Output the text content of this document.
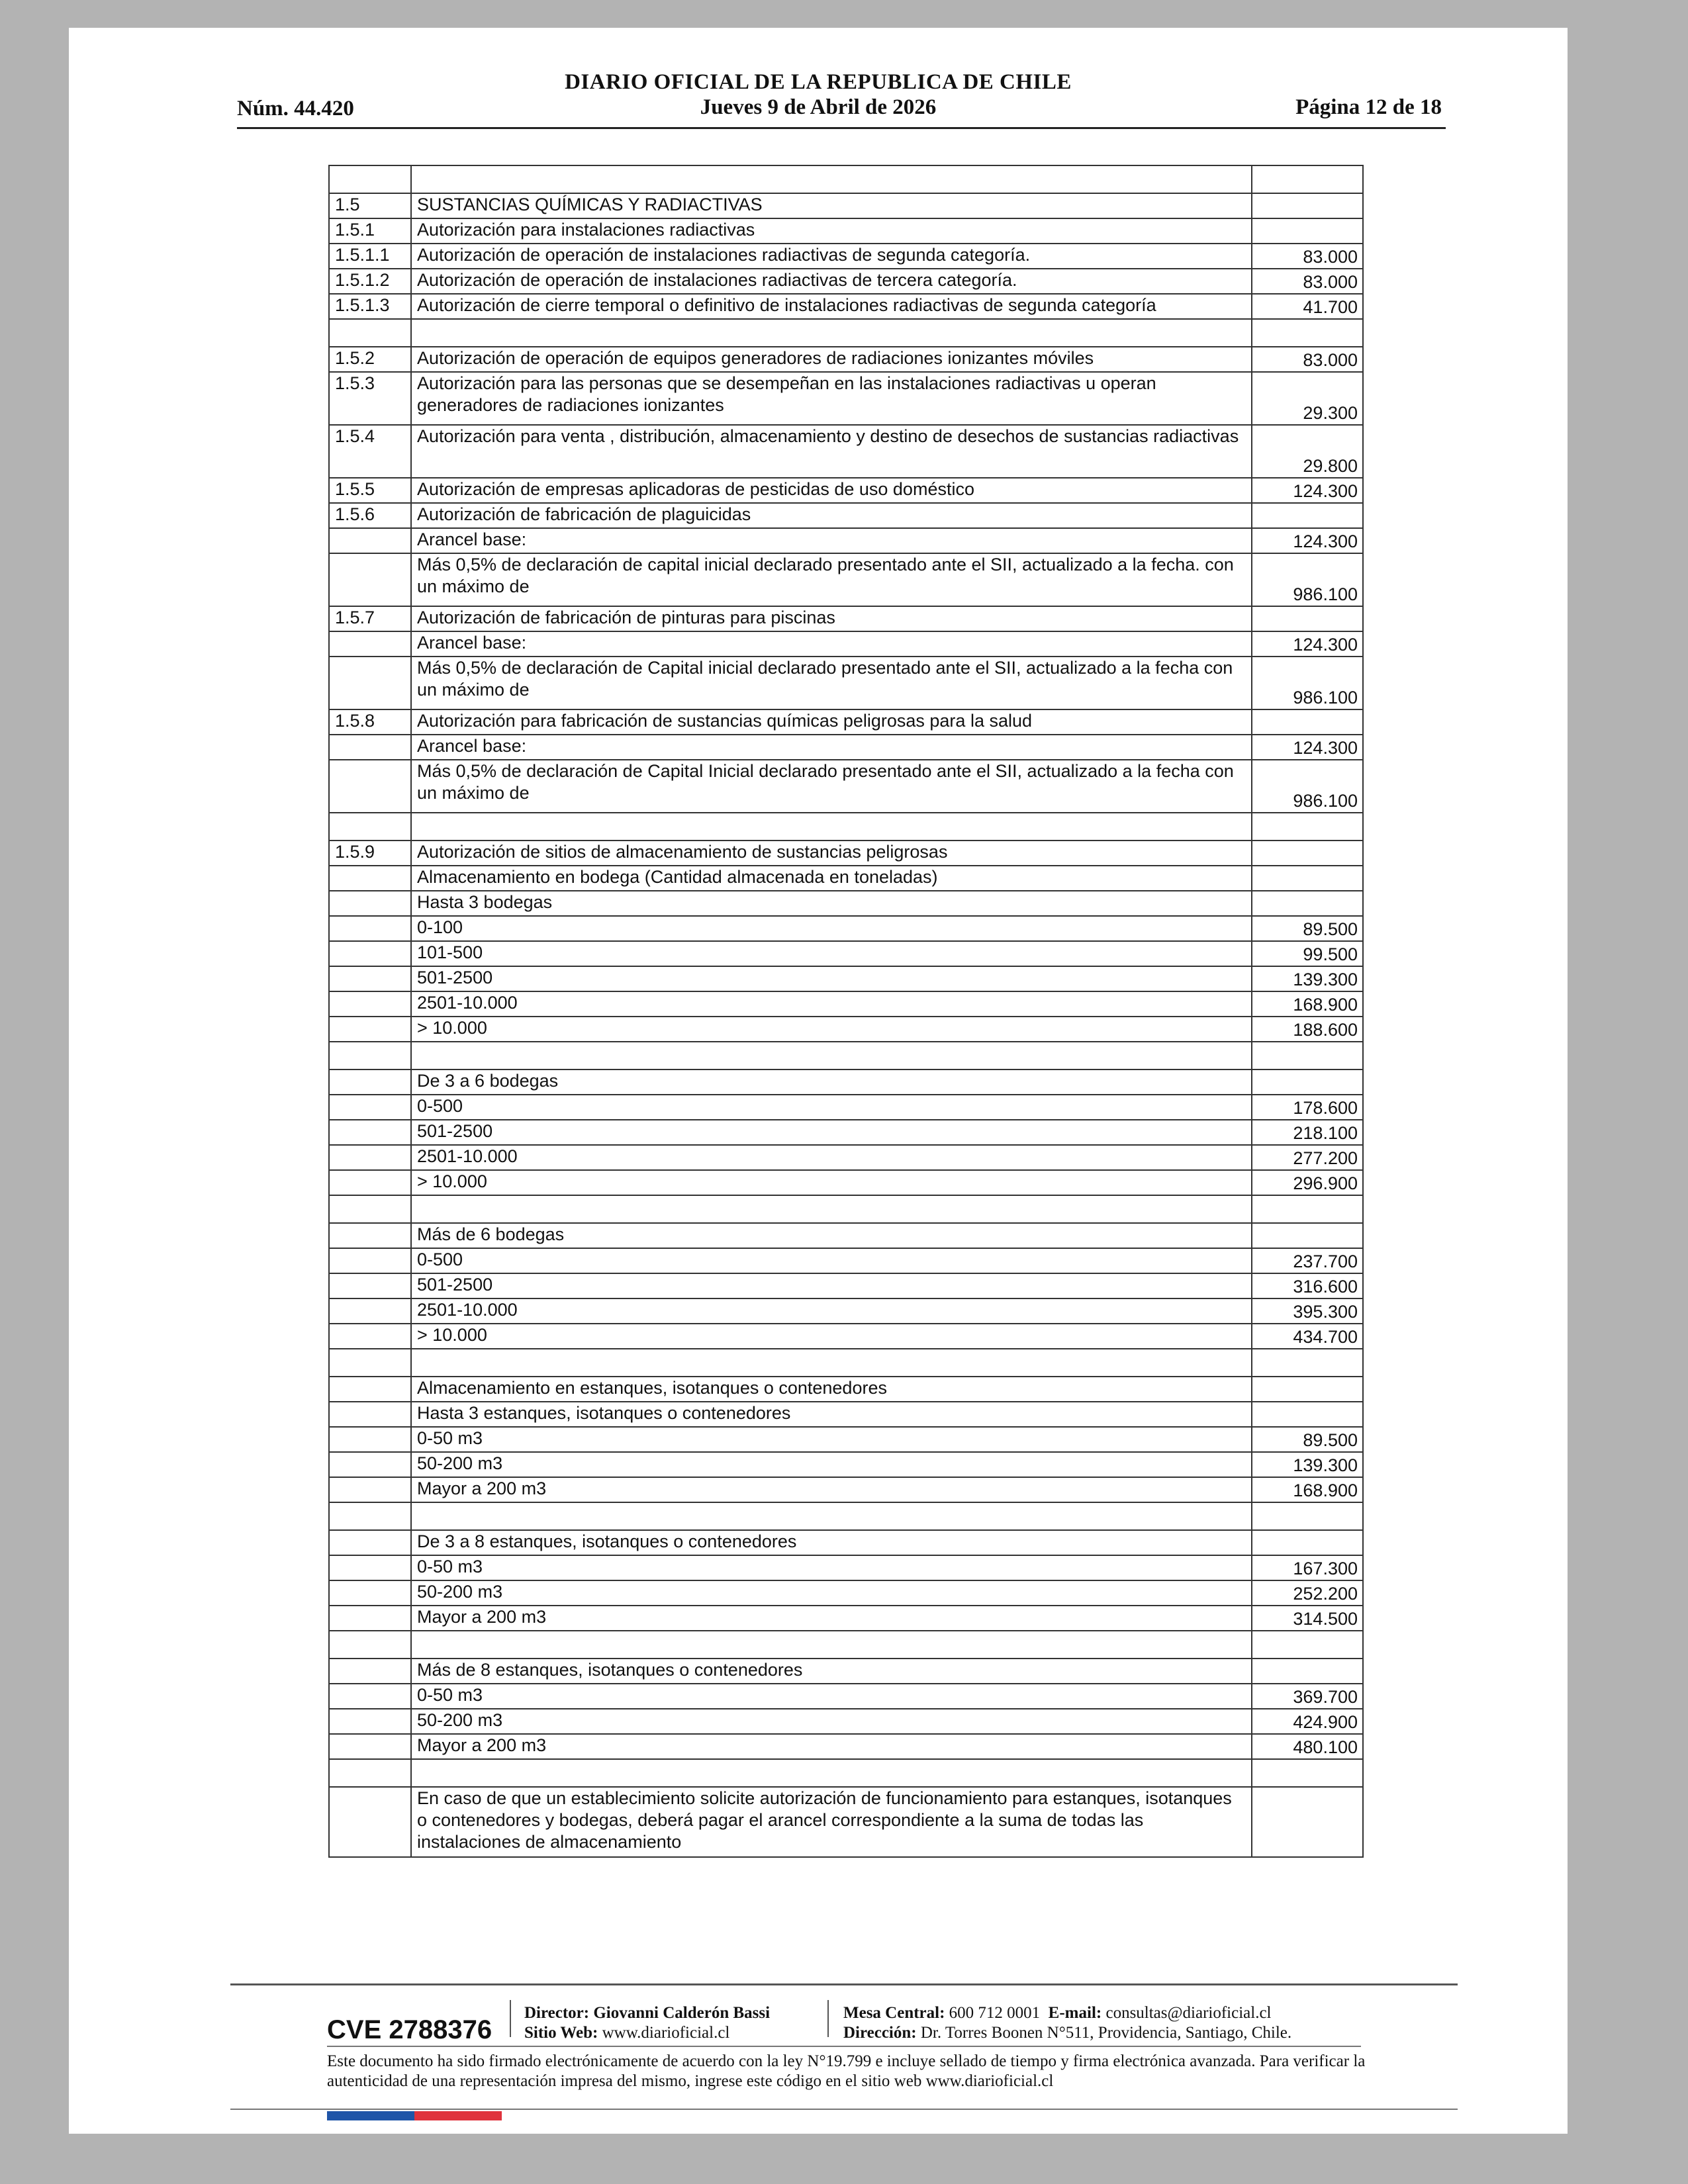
DIARIO OFICIAL DE LA REPUBLICA DE CHILE
Núm. 44.420	Jueves 9 de Abril de 2026	Página 12 de 18

1.5	SUSTANCIAS QUÍMICAS Y RADIACTIVAS	
1.5.1	Autorización para instalaciones radiactivas	
1.5.1.1	Autorización de operación de instalaciones radiactivas de segunda categoría.	83.000
1.5.1.2	Autorización de operación de instalaciones radiactivas de tercera categoría.	83.000
1.5.1.3	Autorización de cierre temporal o definitivo de instalaciones radiactivas de segunda categoría	41.700

1.5.2	Autorización de operación de equipos generadores de radiaciones ionizantes móviles	83.000
1.5.3	Autorización para las personas que se desempeñan en las instalaciones radiactivas u operan generadores de radiaciones ionizantes	29.300
1.5.4	Autorización para venta , distribución, almacenamiento y destino de desechos de sustancias radiactivas	29.800
1.5.5	Autorización de empresas aplicadoras de pesticidas de uso doméstico	124.300
1.5.6	Autorización de fabricación de plaguicidas	
	Arancel base:	124.300
	Más 0,5% de declaración de capital inicial declarado presentado ante el SII, actualizado a la fecha. con un máximo de	986.100
1.5.7	Autorización de fabricación de pinturas para piscinas	
	Arancel base:	124.300
	Más 0,5% de declaración de Capital inicial declarado presentado ante el SII, actualizado a la fecha con un máximo de	986.100
1.5.8	Autorización para fabricación de sustancias químicas peligrosas para la salud	
	Arancel base:	124.300
	Más 0,5% de declaración de Capital Inicial declarado presentado ante el SII, actualizado a la fecha con un máximo de	986.100

1.5.9	Autorización de sitios de almacenamiento de sustancias peligrosas	
	Almacenamiento en bodega (Cantidad almacenada en toneladas)	
	Hasta 3 bodegas	
	0-100	89.500
	101-500	99.500
	501-2500	139.300
	2501-10.000	168.900
	> 10.000	188.600

	De 3 a 6 bodegas	
	0-500	178.600
	501-2500	218.100
	2501-10.000	277.200
	> 10.000	296.900

	Más de 6 bodegas	
	0-500	237.700
	501-2500	316.600
	2501-10.000	395.300
	> 10.000	434.700

	Almacenamiento en estanques, isotanques o contenedores	
	Hasta 3 estanques, isotanques o contenedores	
	0-50 m3	89.500
	50-200 m3	139.300
	Mayor a 200 m3	168.900

	De 3 a 8 estanques, isotanques o contenedores	
	0-50 m3	167.300
	50-200 m3	252.200
	Mayor a 200 m3	314.500

	Más de 8 estanques, isotanques o contenedores	
	0-50 m3	369.700
	50-200 m3	424.900
	Mayor a 200 m3	480.100

	En caso de que un establecimiento solicite autorización de funcionamiento para estanques, isotanques o contenedores y bodegas, deberá pagar el arancel correspondiente a la suma de todas las instalaciones de almacenamiento	
CVE 2788376
Director: Giovanni Calderón Bassi
Sitio Web: www.diarioficial.cl
Mesa Central: 600 712 0001 E-mail: consultas@diarioficial.cl
Dirección: Dr. Torres Boonen N°511, Providencia, Santiago, Chile.
Este documento ha sido firmado electrónicamente de acuerdo con la ley N°19.799 e incluye sellado de tiempo y firma electrónica avanzada. Para verificar la autenticidad de una representación impresa del mismo, ingrese este código en el sitio web www.diarioficial.cl
